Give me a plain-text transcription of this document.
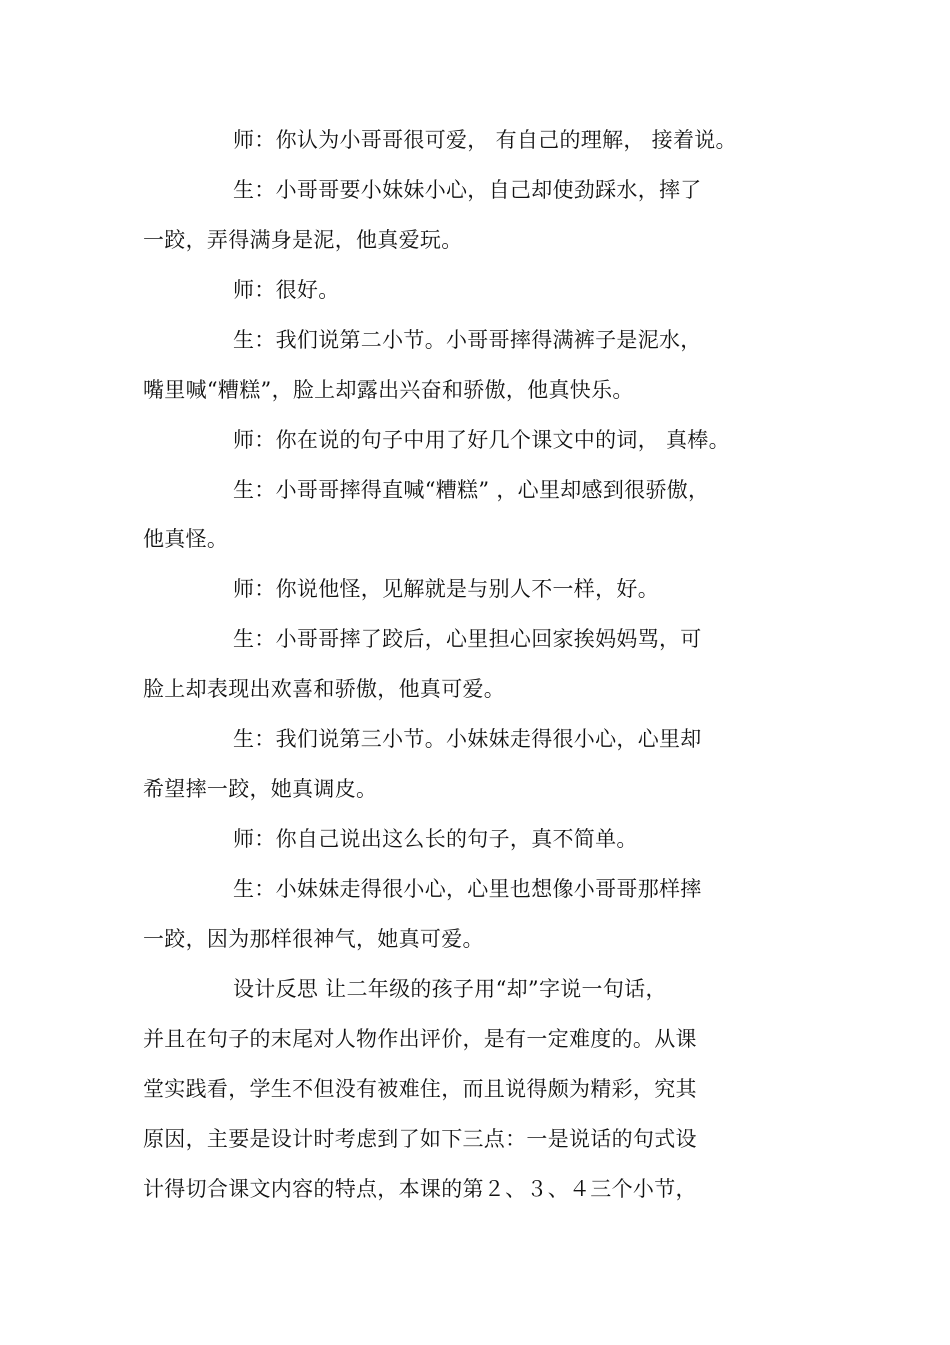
师：你认为小哥哥很可爱， 有自己的理解， 接着说。
生：小哥哥要小妹妹小心，自己却使劲踩水，摔了
一跤，弄得满身是泥，他真爱玩。
师：很好。
生：我们说第二小节。小哥哥摔得满裤子是泥水，
嘴里喊“糟糕”，脸上却露出兴奋和骄傲，他真快乐。
师：你在说的句子中用了好几个课文中的词， 真棒。
生：小哥哥摔得直喊“糟糕” ，心里却感到很骄傲，
他真怪。
师：你说他怪，见解就是与别人不一样，好。
生：小哥哥摔了跤后，心里担心回家挨妈妈骂，可
脸上却表现出欢喜和骄傲，他真可爱。
生：我们说第三小节。小妹妹走得很小心，心里却
希望摔一跤，她真调皮。
师：你自己说出这么长的句子，真不简单。
生：小妹妹走得很小心，心里也想像小哥哥那样摔
一跤，因为那样很神气，她真可爱。
设计反思 让二年级的孩子用“却”字说一句话，
并且在句子的末尾对人物作出评价，是有一定难度的。从课
堂实践看，学生不但没有被难住，而且说得颇为精彩，究其
原因，主要是设计时考虑到了如下三点：一是说话的句式设
计得切合课文内容的特点，本课的第２、３、４三个小节，
